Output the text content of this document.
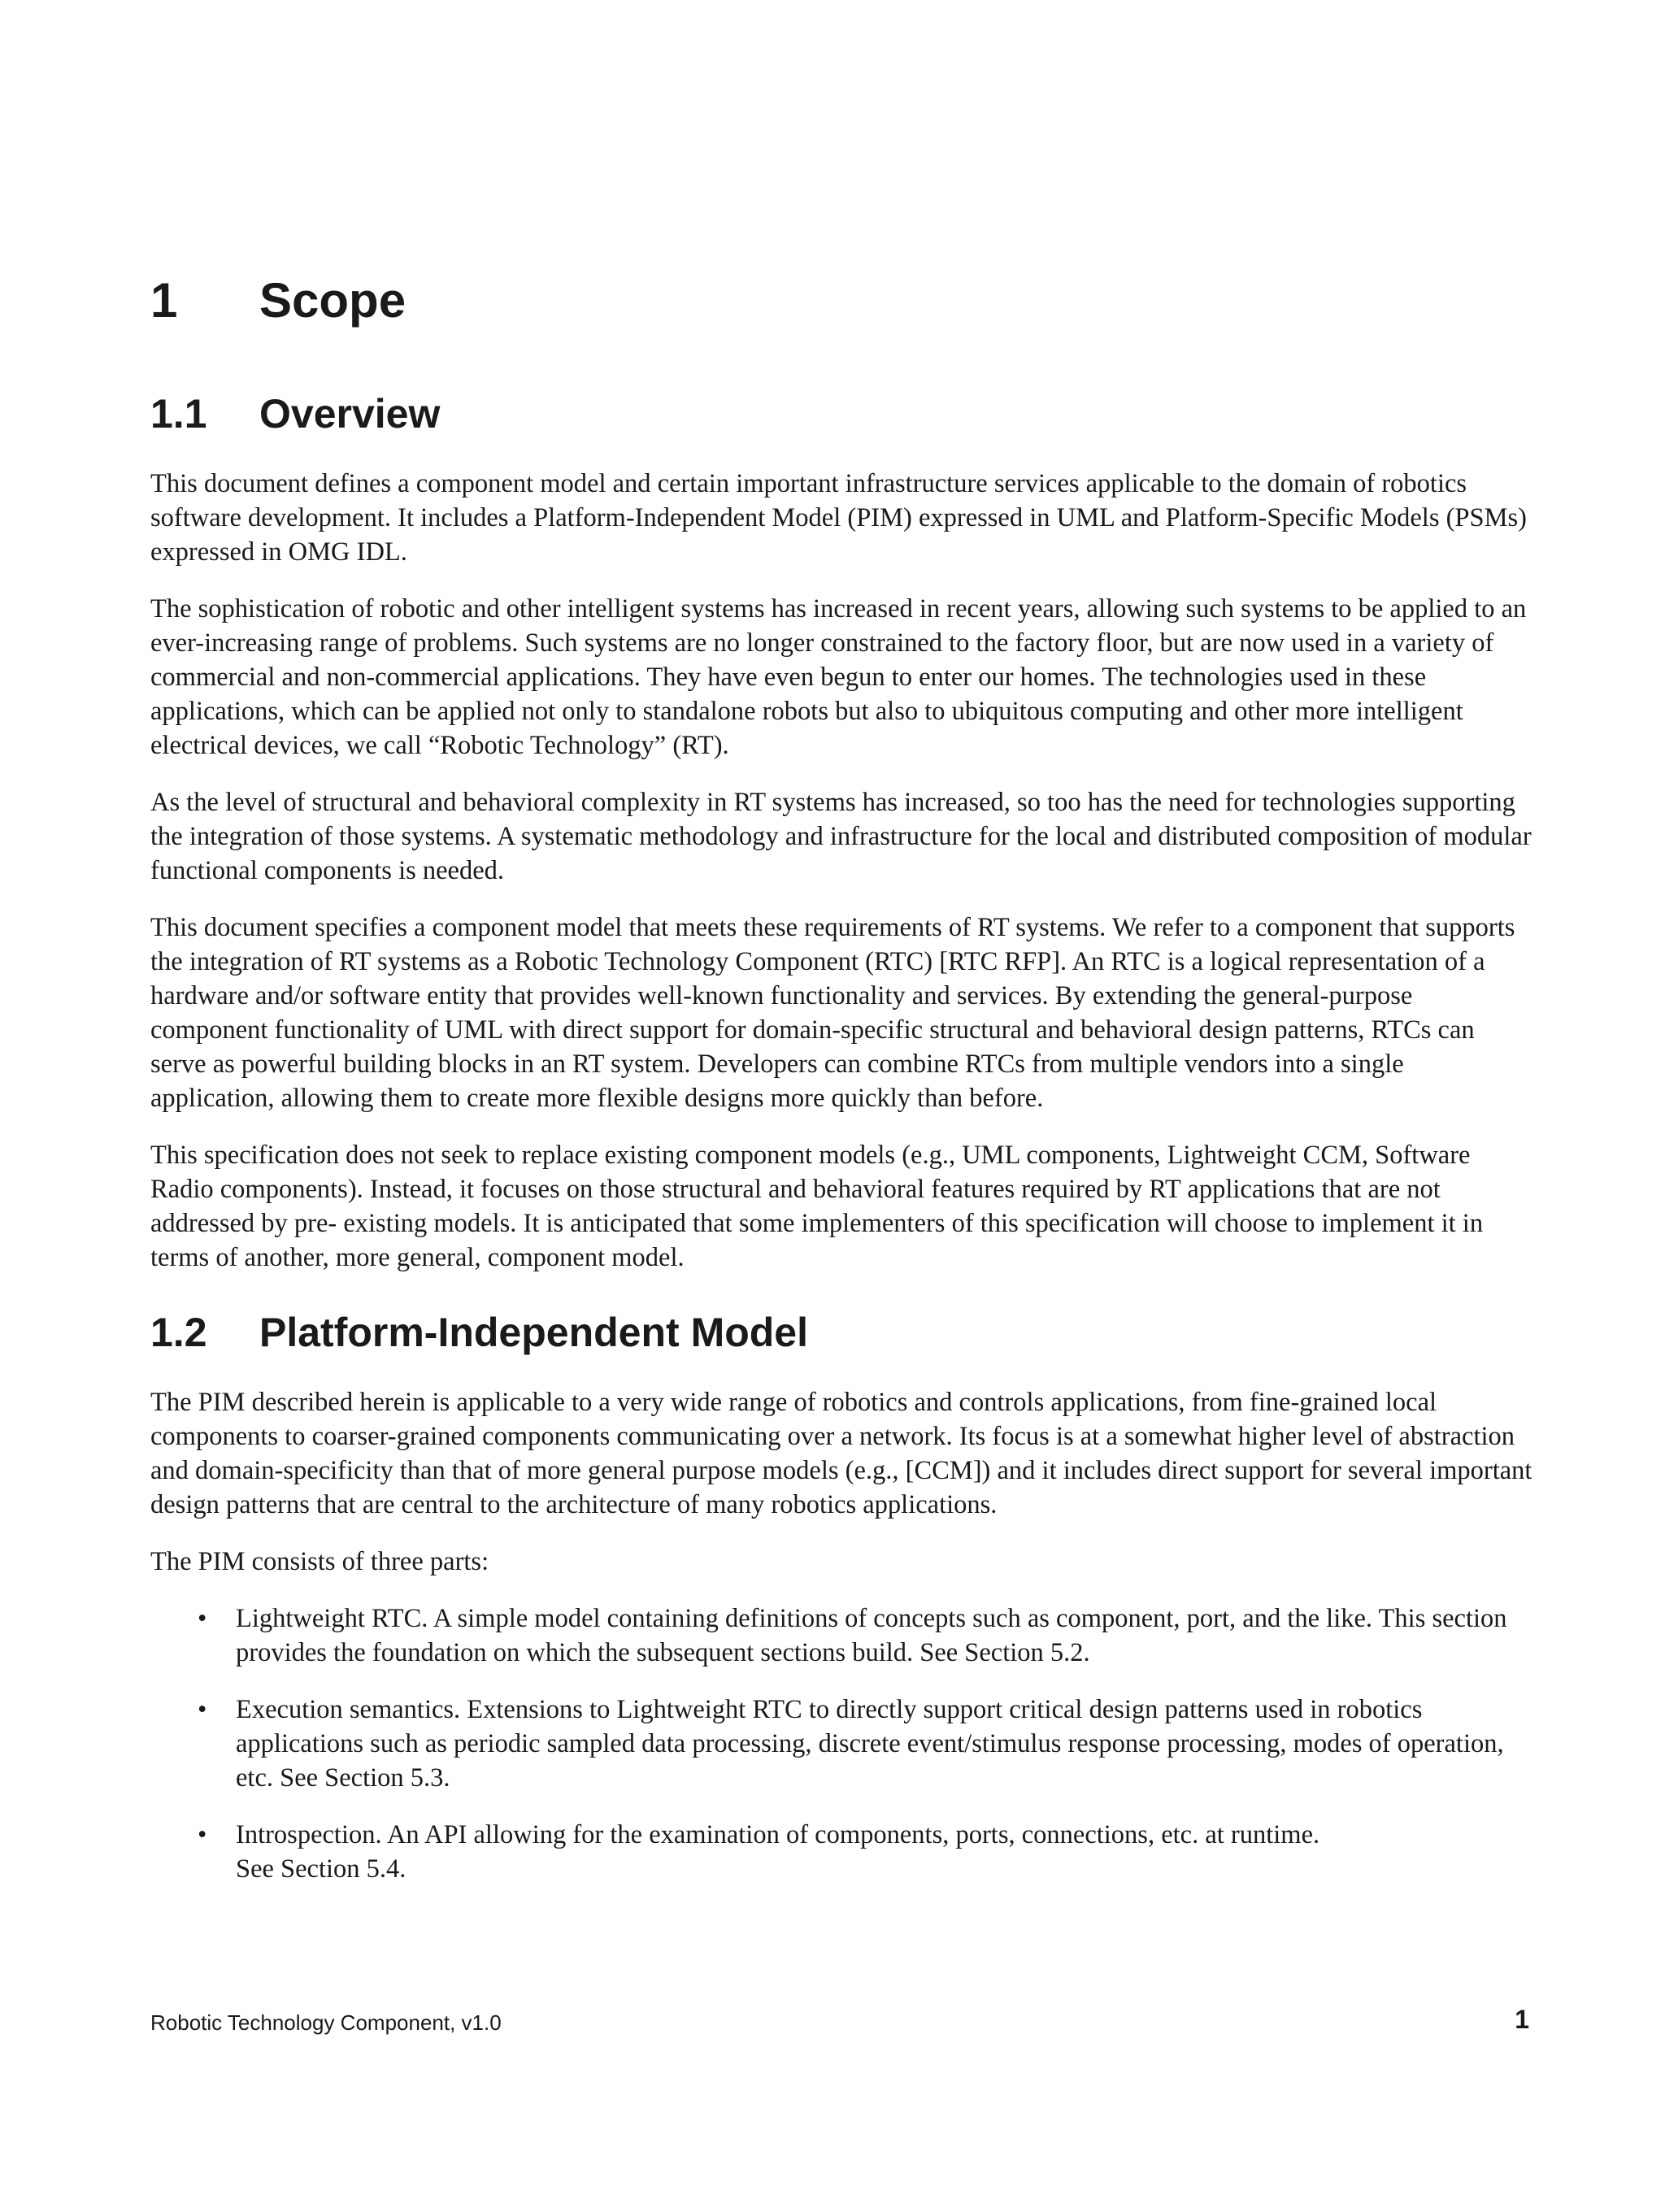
1	Scope
1.1	Overview

This document defines a component model and certain important infrastructure services applicable to the domain of robotics software development. It includes a Platform-Independent Model (PIM) expressed in UML and Platform-Specific Models (PSMs) expressed in OMG IDL.

The sophistication of robotic and other intelligent systems has increased in recent years, allowing such systems to be applied to an ever-increasing range of problems. Such systems are no longer constrained to the factory floor, but are now used in a variety of commercial and non-commercial applications. They have even begun to enter our homes. The technologies used in these applications, which can be applied not only to standalone robots but also to ubiquitous computing and other more intelligent electrical devices, we call “Robotic Technology” (RT).

As the level of structural and behavioral complexity in RT systems has increased, so too has the need for technologies supporting the integration of those systems. A systematic methodology and infrastructure for the local and distributed composition of modular functional components is needed.

This document specifies a component model that meets these requirements of RT systems. We refer to a component that supports the integration of RT systems as a Robotic Technology Component (RTC) [RTC RFP]. An RTC is a logical representation of a hardware and/or software entity that provides well-known functionality and services. By extending the general-purpose component functionality of UML with direct support for domain-specific structural and behavioral design patterns, RTCs can serve as powerful building blocks in an RT system. Developers can combine RTCs from multiple vendors into a single application, allowing them to create more flexible designs more quickly than before.

This specification does not seek to replace existing component models (e.g., UML components, Lightweight CCM, Software Radio components). Instead, it focuses on those structural and behavioral features required by RT applications that are not addressed by pre- existing models. It is anticipated that some implementers of this specification will choose to implement it in terms of another, more general, component model.

1.2	Platform-Independent Model

The PIM described herein is applicable to a very wide range of robotics and controls applications, from fine-grained local components to coarser-grained components communicating over a network. Its focus is at a somewhat higher level of abstraction and domain-specificity than that of more general purpose models (e.g., [CCM]) and it includes direct support for several important design patterns that are central to the architecture of many robotics applications.

The PIM consists of three parts:

• Lightweight RTC. A simple model containing definitions of concepts such as component, port, and the like. This section provides the foundation on which the subsequent sections build. See Section 5.2.
• Execution semantics. Extensions to Lightweight RTC to directly support critical design patterns used in robotics applications such as periodic sampled data processing, discrete event/stimulus response processing, modes of operation, etc. See Section 5.3.
• Introspection. An API allowing for the examination of components, ports, connections, etc. at runtime.
See Section 5.4.
Robotic Technology Component, v1.0	1
